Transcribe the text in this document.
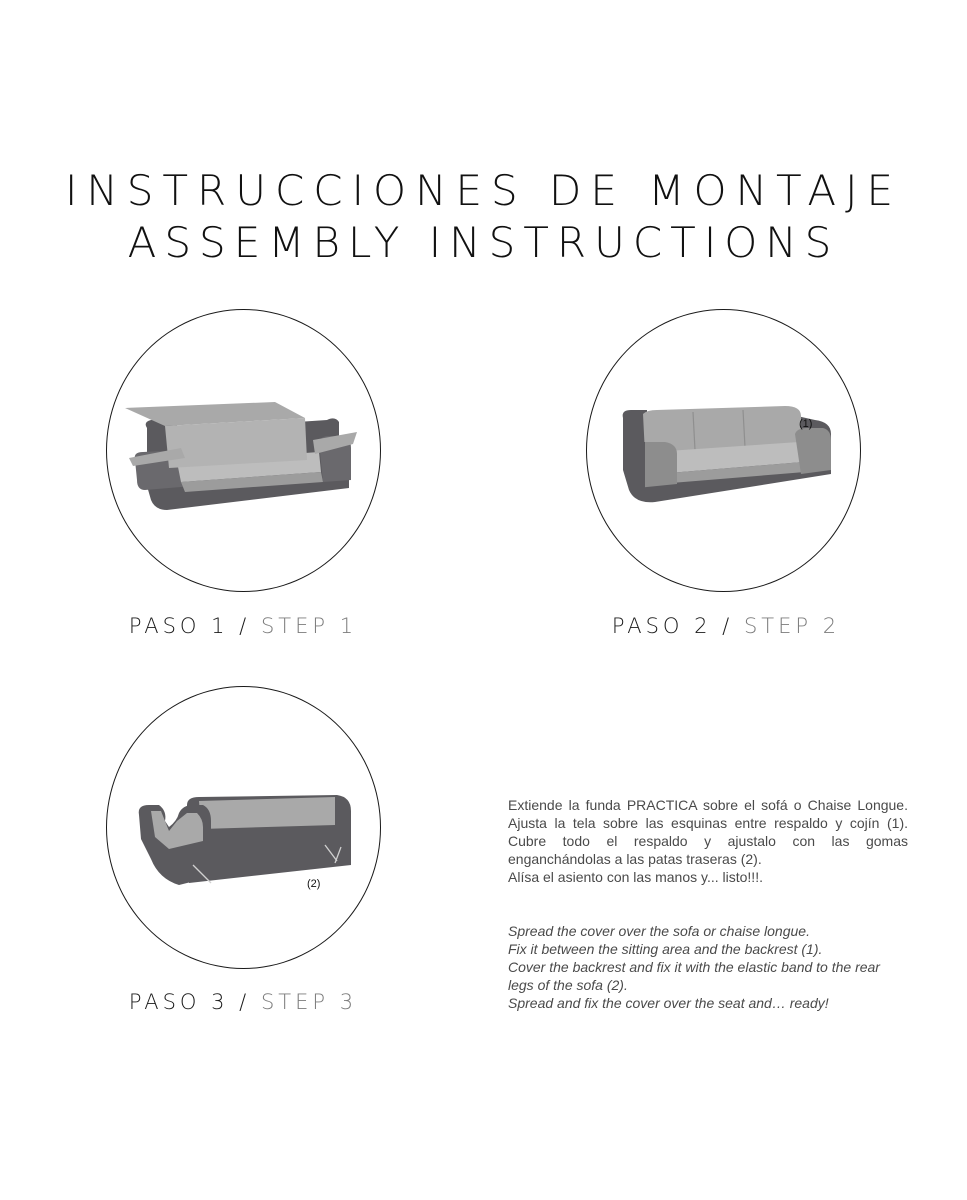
INSTRUCCIONES DE MONTAJE
ASSEMBLY INSTRUCTIONS
PASO 1 / STEP 1
(1)
PASO 2 / STEP 2
(2)
PASO 3 / STEP 3

Extiende la funda PRACTICA sobre el sofá o Chaise Longue. Ajusta la tela sobre las esquinas entre respaldo y cojín (1). Cubre todo el respaldo y ajustalo con las gomas enganchándolas a las patas traseras (2).

Alísa el asiento con las manos y... listo!!!.

Spread the cover over the sofa or chaise longue.

Fix it between the sitting area and the backrest (1).

Cover the backrest and fix it with the elastic band to the rear legs of the sofa (2).

Spread and fix the cover over the seat and… ready!
